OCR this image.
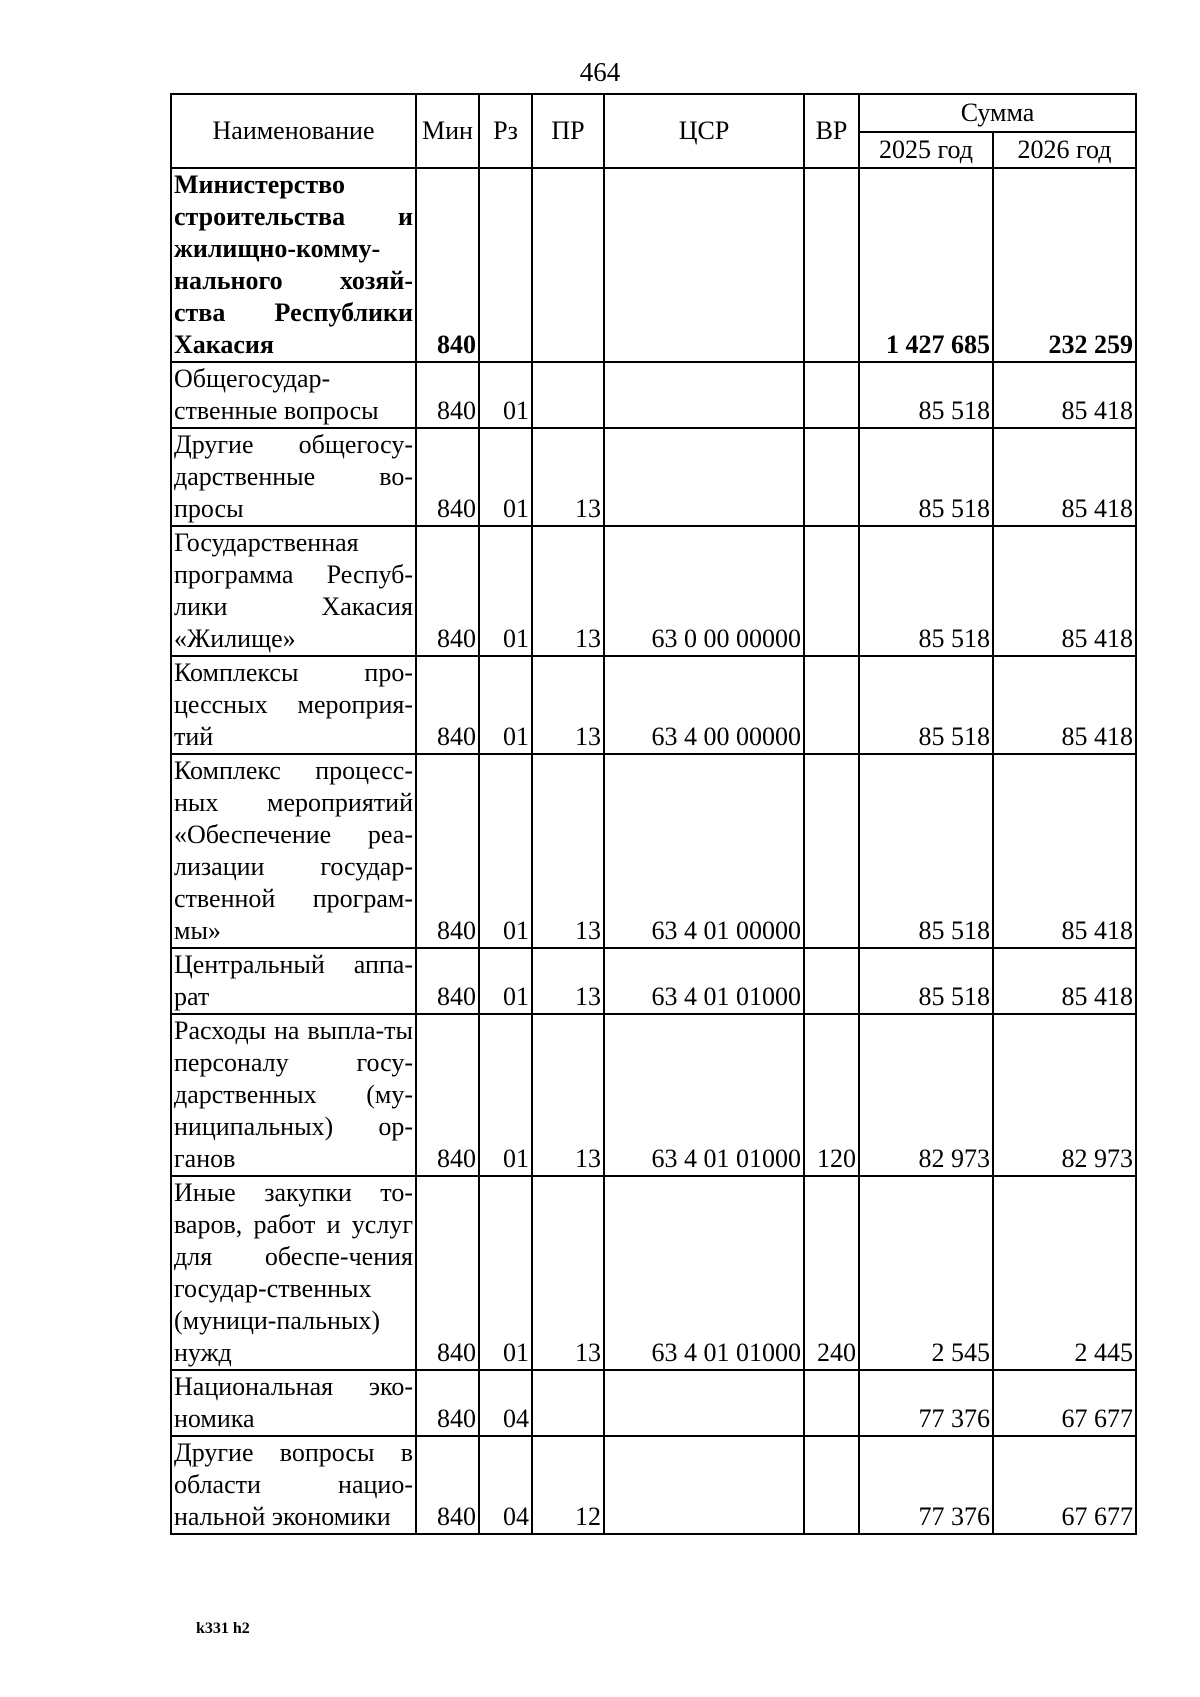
464
Наименование	Мин	Рз	ПР	ЦСР	ВР	Сумма	
						2025 год	2026 год
Министерство строительства и жилищно-комму-нального хозяй-ства Республики Хакасия	840					1 427 685	232 259
Общегосудар-ственные вопросы	840	01				85 518	85 418
Другие общегосу-дарственные во-просы	840	01	13			85 518	85 418
Государственная программа Респуб-лики Хакасия «Жилище»	840	01	13	63 0 00 00000		85 518	85 418
Комплексы про-цессных мероприя-тий	840	01	13	63 4 00 00000		85 518	85 418
Комплекс процесс-ных мероприятий «Обеспечение реа-лизации государ-ственной програм-мы»	840	01	13	63 4 01 00000		85 518	85 418
Центральный аппа-рат	840	01	13	63 4 01 01000		85 518	85 418
Расходы на выпла-ты персоналу госу-дарственных (му-ниципальных) ор-ганов	840	01	13	63 4 01 01000	120	82 973	82 973
Иные закупки то-варов, работ и услуг для обеспе-чения государ-ственных (муници-пальных) нужд	840	01	13	63 4 01 01000	240	2 545	2 445
Национальная эко-номика	840	04				77 376	67 677
Другие вопросы в области нацио-нальной экономики	840	04	12			77 376	67 677
k331 h2
